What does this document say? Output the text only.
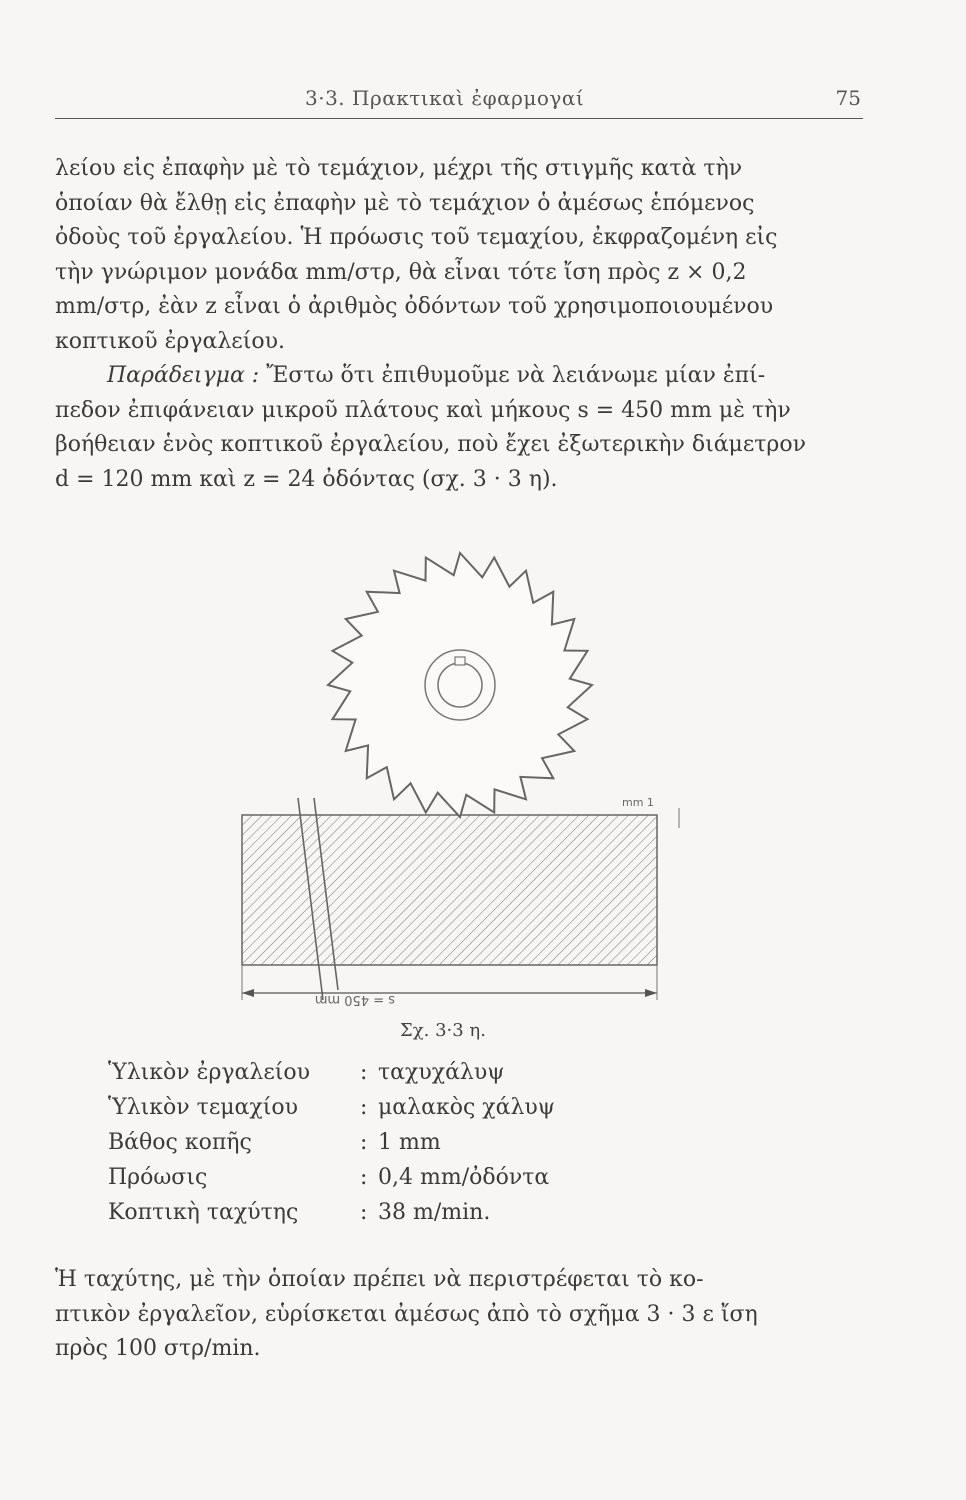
3·3. Πρακτικαὶ ἐφαρμογαί	75
λείου εἰς ἐπαφὴν μὲ τὸ τεμάχιον, μέχρι τῆς στιγμῆς κατὰ τὴν
ὁποίαν θὰ ἔλθῃ εἰς ἐπαφὴν μὲ τὸ τεμάχιον ὁ ἀμέσως ἑπόμενος
ὀδοὺς τοῦ ἐργαλείου. Ἡ πρόωσις τοῦ τεμαχίου, ἐκφραζομένη εἰς
τὴν γνώριμον μονάδα mm/στρ, θὰ εἶναι τότε ἴση πρὸς z × 0,2
mm/στρ, ἐὰν z εἶναι ὁ ἀριθμὸς ὀδόντων τοῦ χρησιμοποιουμένου
κοπτικοῦ ἐργαλείου.
Παράδειγμα : Ἔστω ὅτι ἐπιθυμοῦμε νὰ λειάνωμε μίαν ἐπί-
πεδον ἐπιφάνειαν μικροῦ πλάτους καὶ μήκους s = 450 mm μὲ τὴν
βοήθειαν ἑνὸς κοπτικοῦ ἐργαλείου, ποὺ ἔχει ἐξωτερικὴν διάμετρον
d = 120 mm καὶ z = 24 ὀδόντας (σχ. 3 · 3 η).
mm 1
s = 450 mm
Σχ. 3·3 η.
Ὑλικὸν ἐργαλείου : ταχυχάλυψ
Ὑλικὸν τεμαχίου	: μαλακὸς χάλυψ
Βάθος κοπῆς	: 1 mm
Πρόωσις	: 0,4 mm/ὀδόντα
Κοπτικὴ ταχύτης	: 38 m/min.
Ἡ ταχύτης, μὲ τὴν ὁποίαν πρέπει νὰ περιστρέφεται τὸ κο-
πτικὸν ἐργαλεῖον, εὑρίσκεται ἀμέσως ἀπὸ τὸ σχῆμα 3 · 3 ε ἴση
πρὸς 100 στρ/min.
